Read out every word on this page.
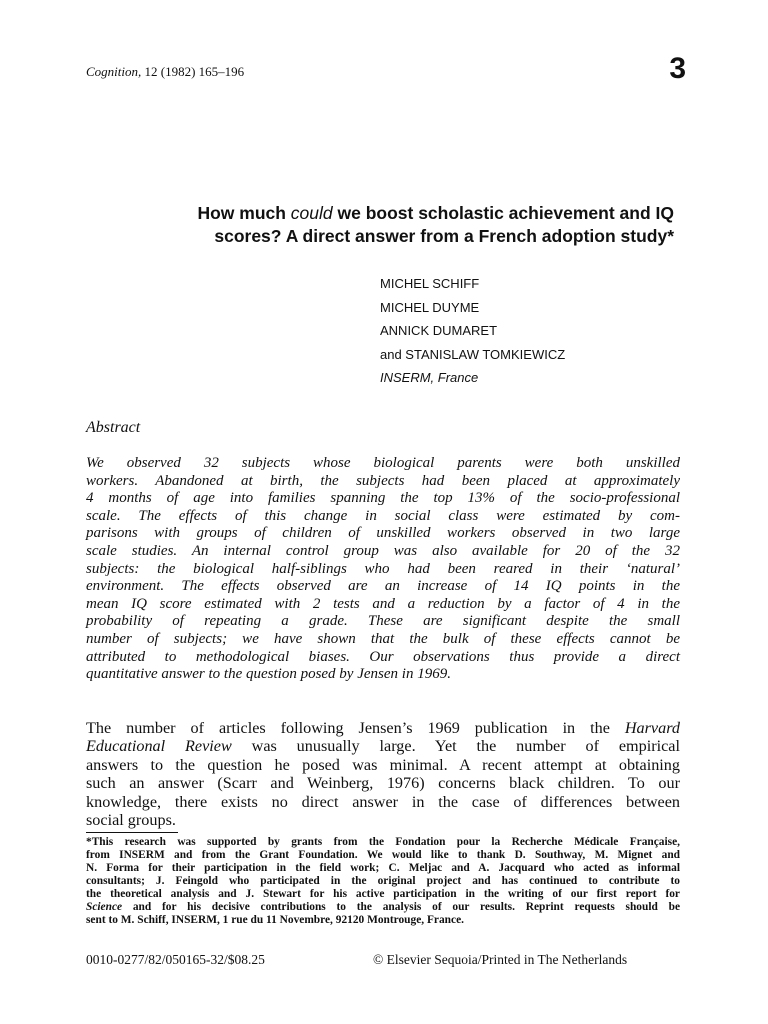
Cognition, 12 (1982) 165–196	3
How much could we boost scholastic achievement and IQ
scores? A direct answer from a French adoption study*
MICHEL SCHIFF
MICHEL DUYME
ANNICK DUMARET
and STANISLAW TOMKIEWICZ
INSERM, France
Abstract
We observed 32 subjects whose biological parents were both unskilled
workers. Abandoned at birth, the subjects had been placed at approximately
4 months of age into families spanning the top 13% of the socio-professional
scale. The effects of this change in social class were estimated by com-
parisons with groups of children of unskilled workers observed in two large
scale studies. An internal control group was also available for 20 of the 32
subjects: the biological half-siblings who had been reared in their ‘natural’
environment. The effects observed are an increase of 14 IQ points in the
mean IQ score estimated with 2 tests and a reduction by a factor of 4 in the
probability of repeating a grade. These are significant despite the small
number of subjects; we have shown that the bulk of these effects cannot be
attributed to methodological biases. Our observations thus provide a direct
quantitative answer to the question posed by Jensen in 1969.
The number of articles following Jensen’s 1969 publication in the Harvard
Educational Review was unusually large. Yet the number of empirical
answers to the question he posed was minimal. A recent attempt at obtaining
such an answer (Scarr and Weinberg, 1976) concerns black children. To our
knowledge, there exists no direct answer in the case of differences between
social groups.
*This research was supported by grants from the Fondation pour la Recherche Médicale Française,
from INSERM and from the Grant Foundation. We would like to thank D. Southway, M. Mignet and
N. Forma for their participation in the field work; C. Meljac and A. Jacquard who acted as informal
consultants; J. Feingold who participated in the original project and has continued to contribute to
the theoretical analysis and J. Stewart for his active participation in the writing of our first report for
Science and for his decisive contributions to the analysis of our results. Reprint requests should be
sent to M. Schiff, INSERM, 1 rue du 11 Novembre, 92120 Montrouge, France.
0010-0277/82/050165-32/$08.25	© Elsevier Sequoia/Printed in The Netherlands
